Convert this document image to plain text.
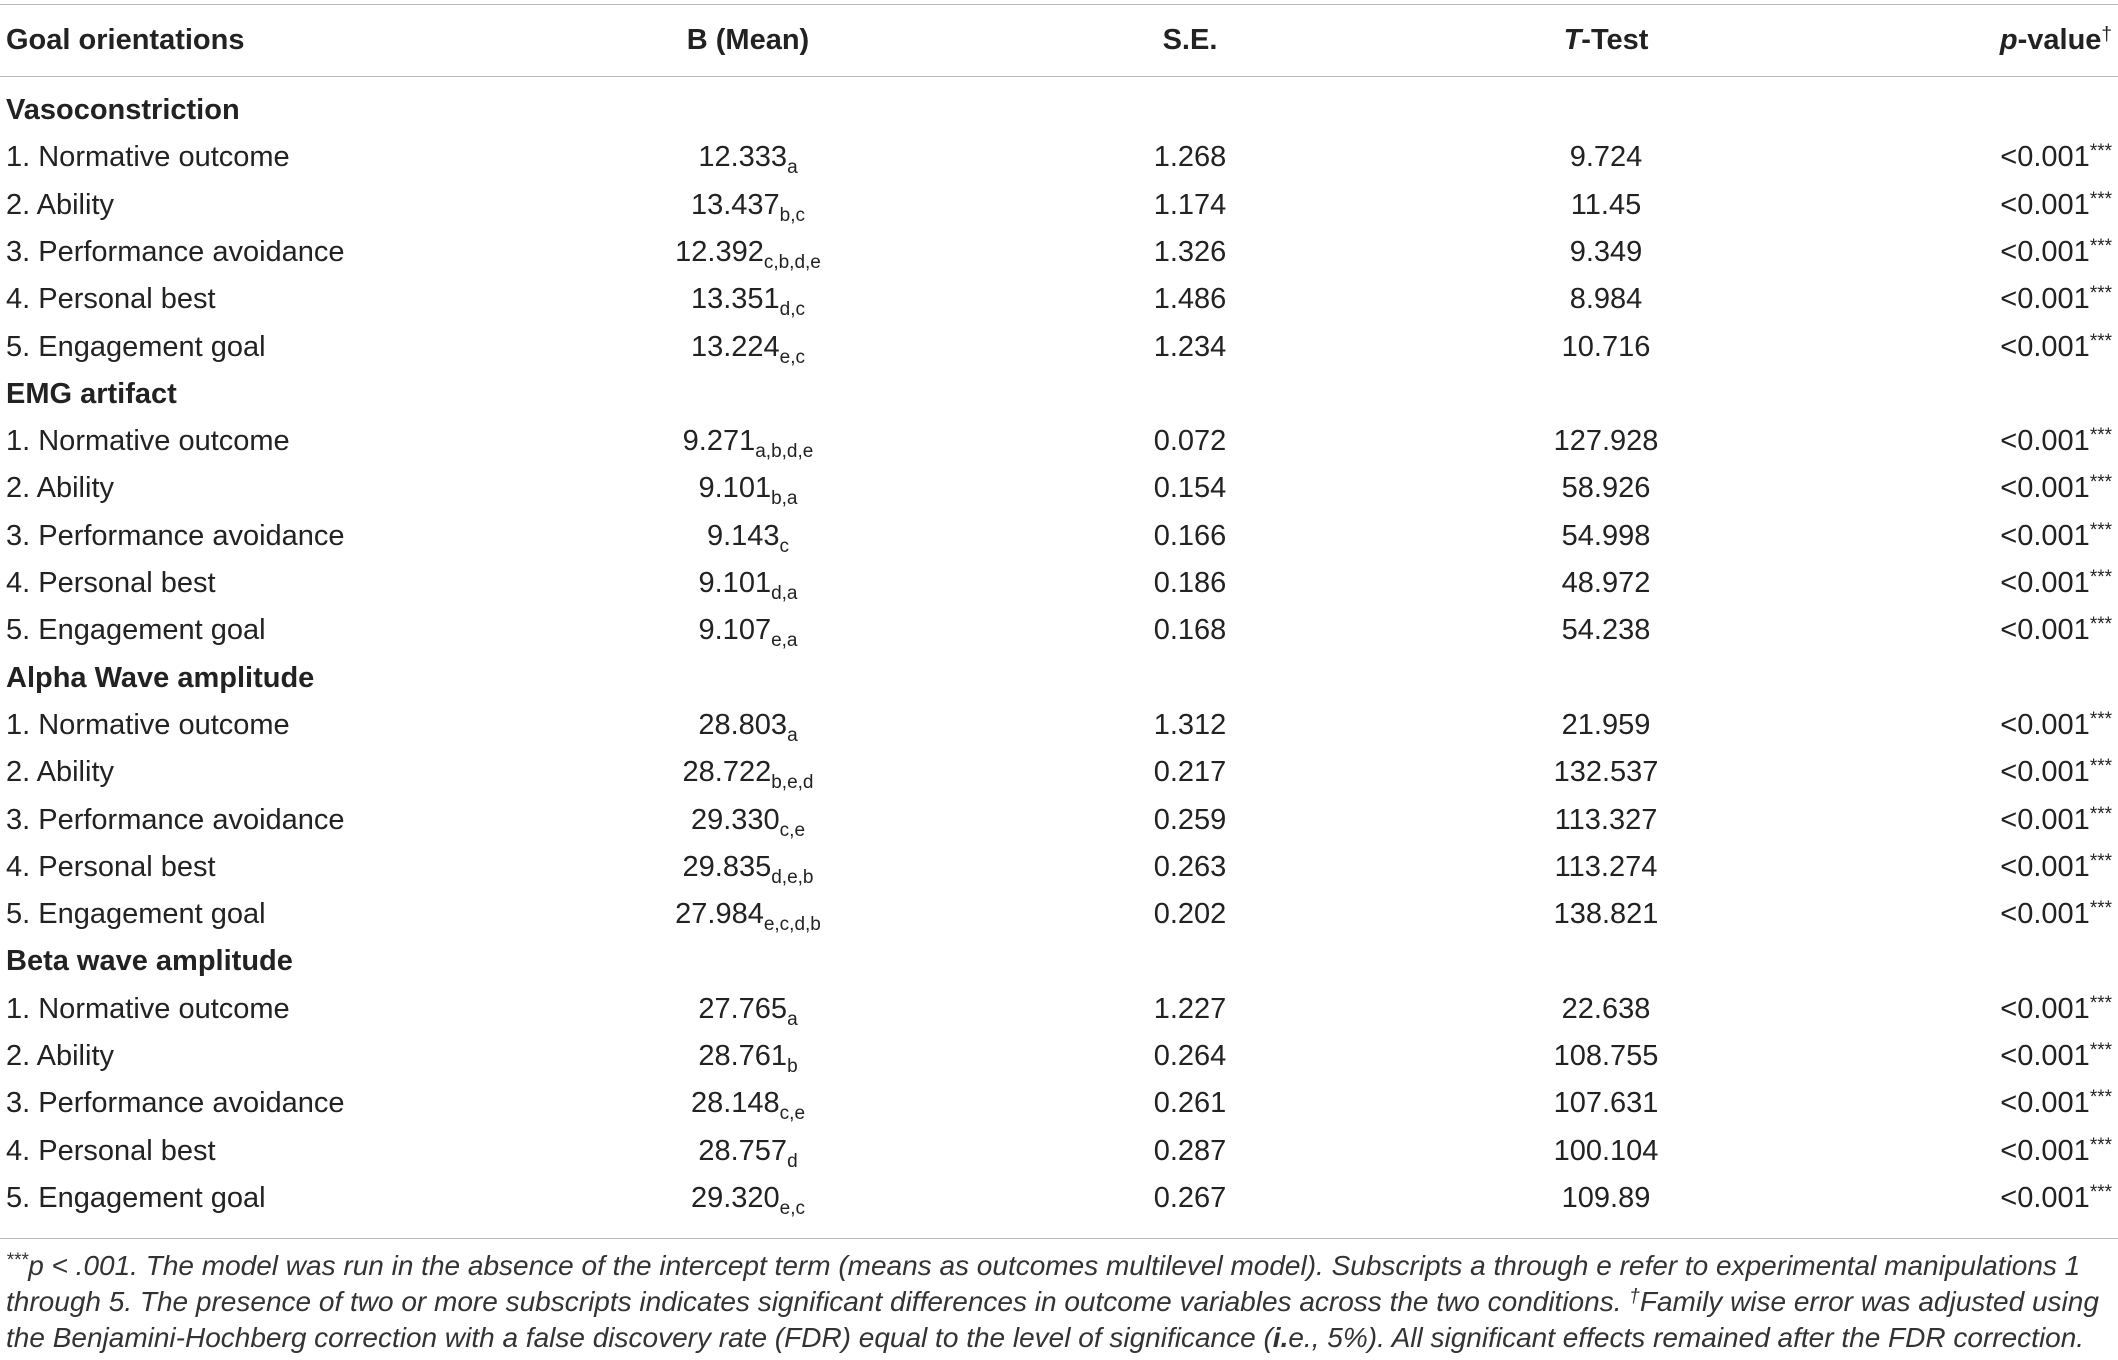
Goal orientations	B (Mean)	S.E.	T-Test	p-value†
Vasoconstriction
1. Normative outcome	$12.333_a$	1.268	9.724	<0.001***
2. Ability	$13.437_{b,c}$	1.174	11.45	<0.001***
3. Performance avoidance	$12.392_{c,b,d,e}$	1.326	9.349	<0.001***
4. Personal best	$13.351_{d,c}$	1.486	8.984	<0.001***
5. Engagement goal	$13.224_{e,c}$	1.234	10.716	<0.001***
EMG artifact
1. Normative outcome	$9.271_{a,b,d,e}$	0.072	127.928	<0.001***
2. Ability	$9.101_{b,a}$	0.154	58.926	<0.001***
3. Performance avoidance	$9.143_c$	0.166	54.998	<0.001***
4. Personal best	$9.101_{d,a}$	0.186	48.972	<0.001***
5. Engagement goal	$9.107_{e,a}$	0.168	54.238	<0.001***
Alpha Wave amplitude
1. Normative outcome	$28.803_a$	1.312	21.959	<0.001***
2. Ability	$28.722_{b,e,d}$	0.217	132.537	<0.001***
3. Performance avoidance	$29.330_{c,e}$	0.259	113.327	<0.001***
4. Personal best	$29.835_{d,e,b}$	0.263	113.274	<0.001***
5. Engagement goal	$27.984_{e,c,d,b}$	0.202	138.821	<0.001***
Beta wave amplitude
1. Normative outcome	$27.765_a$	1.227	22.638	<0.001***
2. Ability	$28.761_b$	0.264	108.755	<0.001***
3. Performance avoidance	$28.148_{c,e}$	0.261	107.631	<0.001***
4. Personal best	$28.757_d$	0.287	100.104	<0.001***
5. Engagement goal	$29.320_{e,c}$	0.267	109.89	<0.001***
***p < .001. The model was run in the absence of the intercept term (means as outcomes multilevel model). Subscripts a through e refer to experimental manipulations 1 through 5. The presence of two or more subscripts indicates significant differences in outcome variables across the two conditions. †Family wise error was adjusted using the Benjamini-Hochberg correction with a false discovery rate (FDR) equal to the level of significance (i.e., 5%). All significant effects remained after the FDR correction.
